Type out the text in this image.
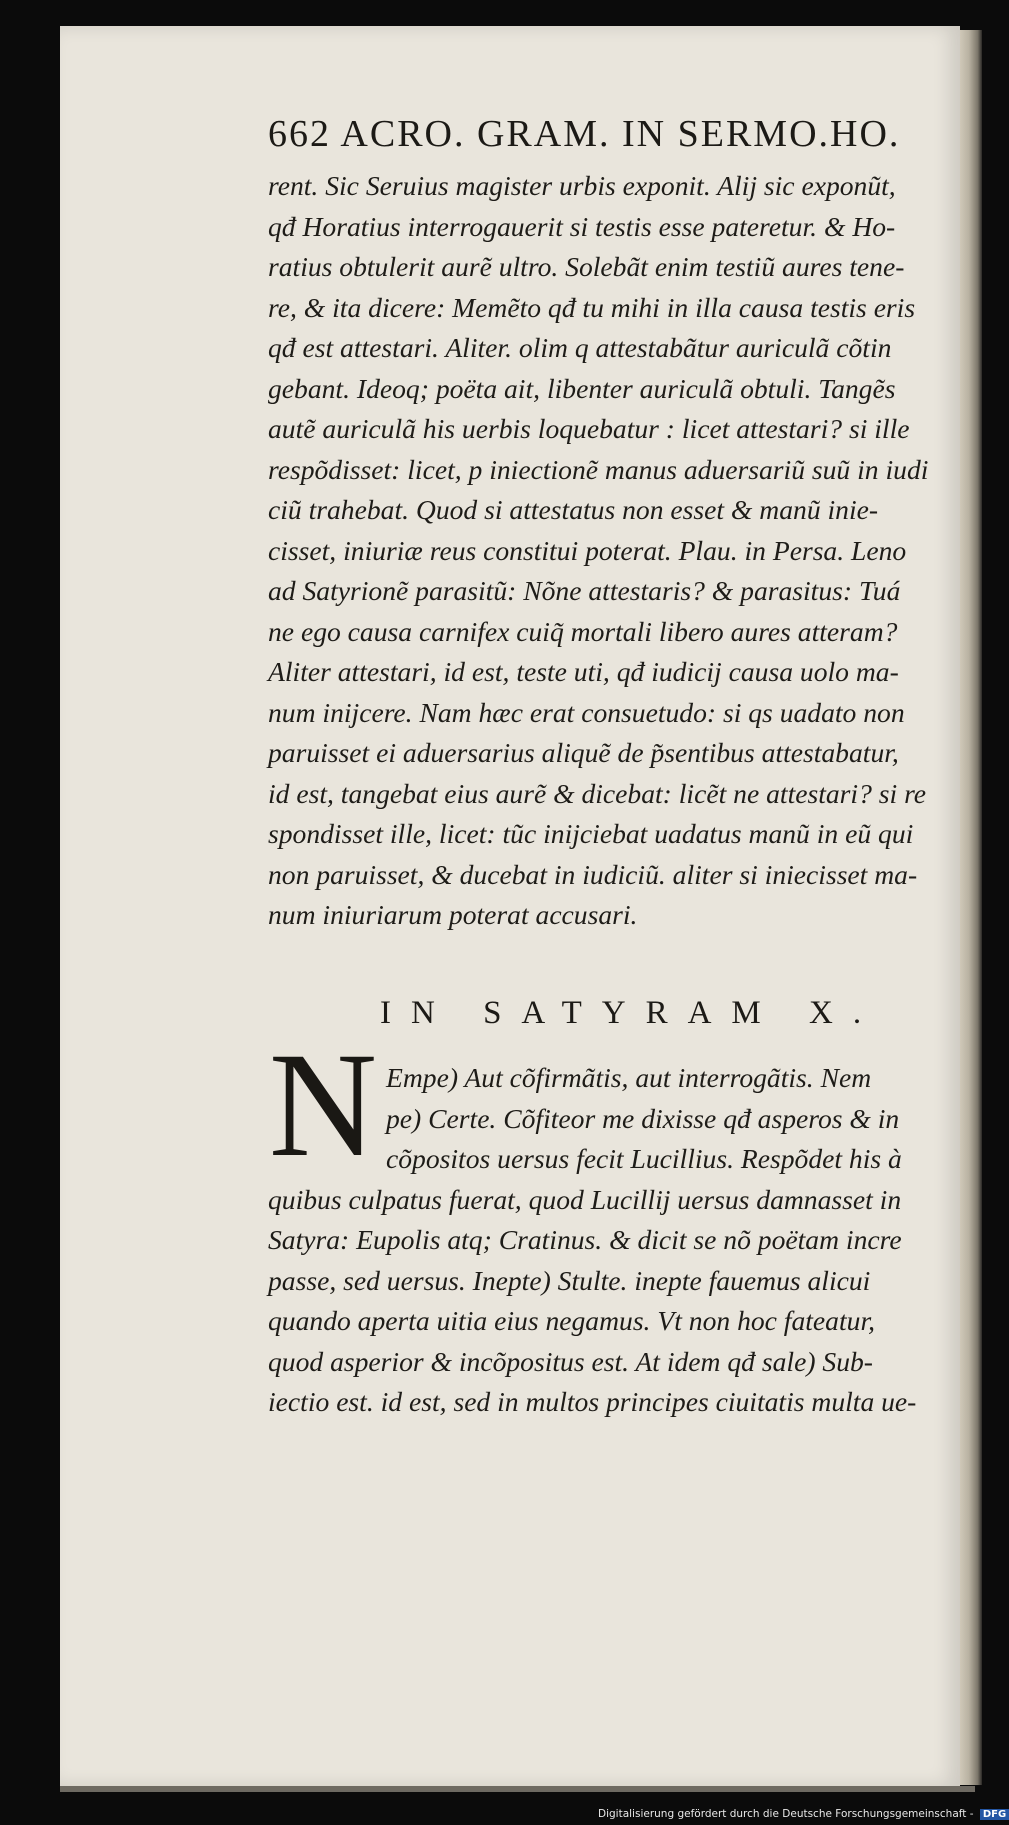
662 ACRO. GRAM. IN SERMO.HO.
rent. Sic Seruius magister urbis exponit. Alij sic exponũt,
qđ Horatius interrogauerit si testis esse pateretur. & Ho-
ratius obtulerit aurẽ ultro. Solebãt enim testiũ aures tene-
re, & ita dicere: Memẽto qđ tu mihi in illa causa testis eris
qđ est attestari. Aliter. olim q attestabãtur auriculã cõtin
gebant. Ideoq; poëta ait, libenter auriculã obtuli. Tangẽs
autẽ auriculã his uerbis loquebatur : licet attestari? si ille
respõdisset: licet, p iniectionẽ manus aduersariũ suũ in iudi
ciũ trahebat. Quod si attestatus non esset & manũ inie-
cisset, iniuriæ reus constitui poterat. Plau. in Persa. Leno
ad Satyrionẽ parasitũ: Nõne attestaris? & parasitus: Tuá
ne ego causa carnifex cuiq̃ mortali libero aures atteram?
Aliter attestari, id est, teste uti, qđ iudicij causa uolo ma-
num inijcere. Nam hæc erat consuetudo: si qs uadato non
paruisset ei aduersarius aliquẽ de p̃sentibus attestabatur,
id est, tangebat eius aurẽ & dicebat: licẽt ne attestari? si re
spondisset ille, licet: tũc inijciebat uadatus manũ in eũ qui
non paruisset, & ducebat in iudiciũ. aliter si iniecisset ma-
num iniuriarum poterat accusari.
IN SATYRAM X.
N Empe) Aut cõfirmãtis, aut interrogãtis. Nem
pe) Certe. Cõfiteor me dixisse qđ asperos & in
cõpositos uersus fecit Lucillius. Respõdet his à
quibus culpatus fuerat, quod Lucillij uersus damnasset in
Satyra: Eupolis atq; Cratinus. & dicit se nõ poëtam incre
passe, sed uersus. Inepte) Stulte. inepte fauemus alicui
quando aperta uitia eius negamus. Vt non hoc fateatur,
quod asperior & incõpositus est. At idem qđ sale) Sub-
iectio est. id est, sed in multos principes ciuitatis multa ue-
Digitalisierung gefördert durch die Deutsche Forschungsgemeinschaft - DFG
